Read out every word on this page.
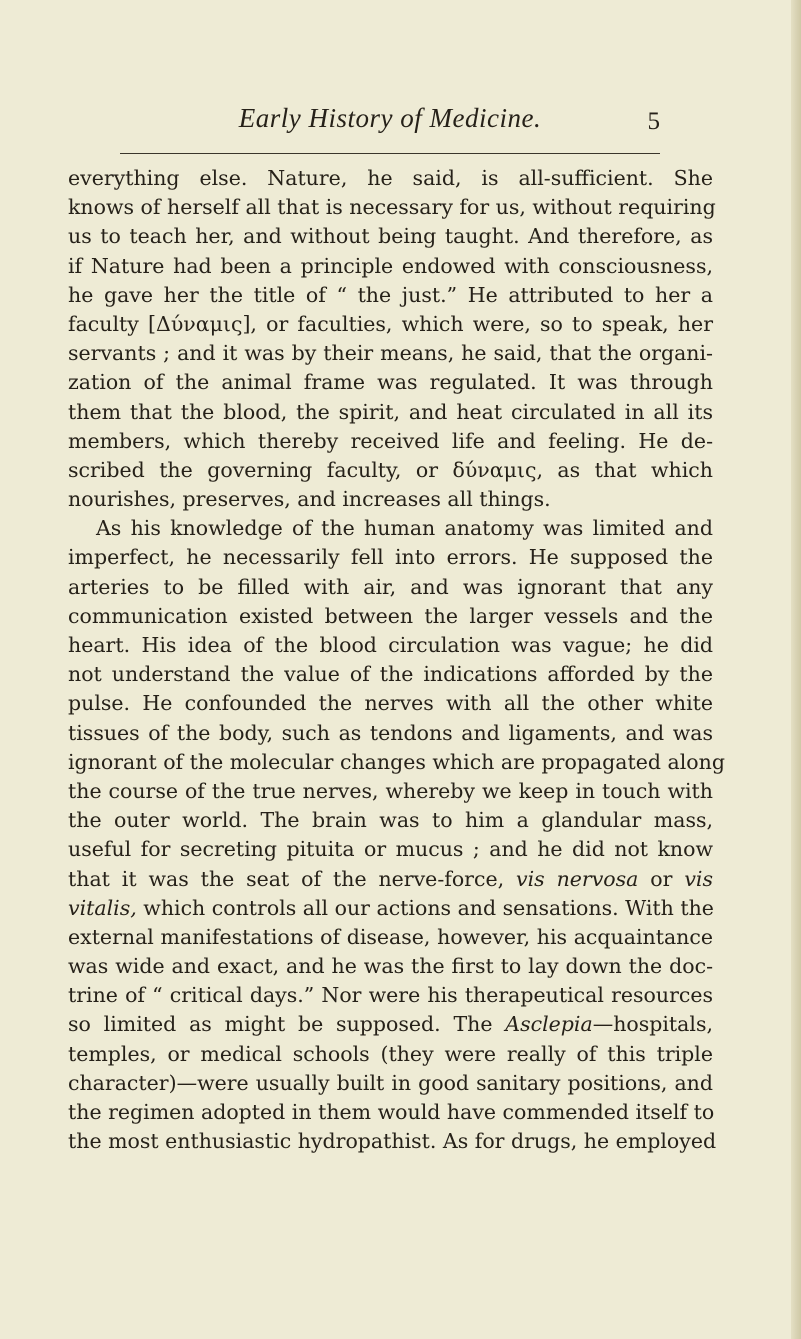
Early History of Medicine.	5
everything else. Nature, he said, is all-sufficient. She
knows of herself all that is necessary for us, without requiring
us to teach her, and without being taught. And therefore, as
if Nature had been a principle endowed with consciousness,
he gave her the title of “ the just.” He attributed to her a
faculty [Δύναμις], or faculties, which were, so to speak, her
servants ; and it was by their means, he said, that the organi-
zation of the animal frame was regulated. It was through
them that the blood, the spirit, and heat circulated in all its
members, which thereby received life and feeling. He de-
scribed the governing faculty, or δύναμις, as that which
nourishes, preserves, and increases all things.
As his knowledge of the human anatomy was limited and
imperfect, he necessarily fell into errors. He supposed the
arteries to be filled with air, and was ignorant that any
communication existed between the larger vessels and the
heart. His idea of the blood circulation was vague; he did
not understand the value of the indications afforded by the
pulse. He confounded the nerves with all the other white
tissues of the body, such as tendons and ligaments, and was
ignorant of the molecular changes which are propagated along
the course of the true nerves, whereby we keep in touch with
the outer world. The brain was to him a glandular mass,
useful for secreting pituita or mucus ; and he did not know
that it was the seat of the nerve-force, vis nervosa or vis
vitalis, which controls all our actions and sensations. With the
external manifestations of disease, however, his acquaintance
was wide and exact, and he was the first to lay down the doc-
trine of “ critical days.” Nor were his therapeutical resources
so limited as might be supposed. The Asclepia—hospitals,
temples, or medical schools (they were really of this triple
character)—were usually built in good sanitary positions, and
the regimen adopted in them would have commended itself to
the most enthusiastic hydropathist. As for drugs, he employed
